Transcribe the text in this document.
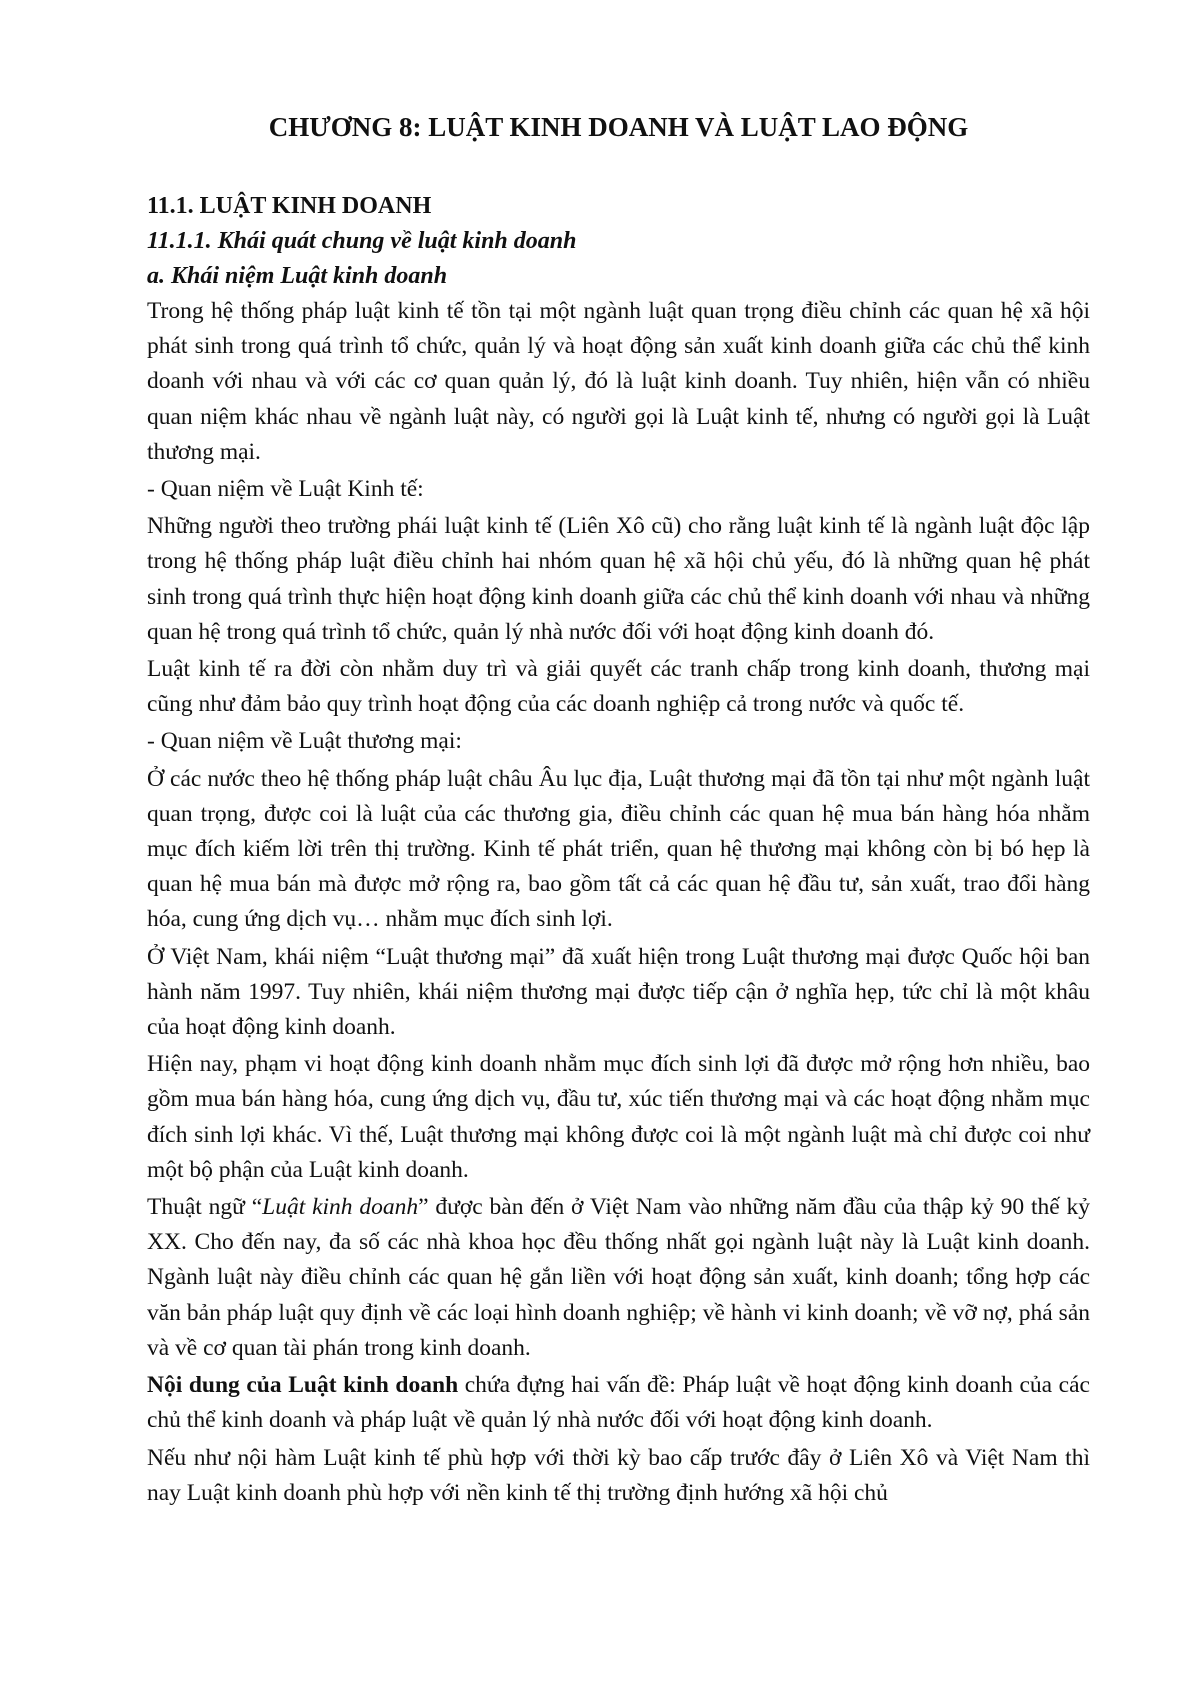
CHƯƠNG 8: LUẬT KINH DOANH VÀ LUẬT LAO ĐỘNG
11.1. LUẬT KINH DOANH
11.1.1. Khái quát chung về luật kinh doanh
a. Khái niệm Luật kinh doanh

Trong hệ thống pháp luật kinh tế tồn tại một ngành luật quan trọng điều chỉnh các quan hệ xã hội phát sinh trong quá trình tổ chức, quản lý và hoạt động sản xuất kinh doanh giữa các chủ thể kinh doanh với nhau và với các cơ quan quản lý, đó là luật kinh doanh. Tuy nhiên, hiện vẫn có nhiều quan niệm khác nhau về ngành luật này, có người gọi là Luật kinh tế, nhưng có người gọi là Luật thương mại.

- Quan niệm về Luật Kinh tế:

Những người theo trường phái luật kinh tế (Liên Xô cũ) cho rằng luật kinh tế là ngành luật độc lập trong hệ thống pháp luật điều chỉnh hai nhóm quan hệ xã hội chủ yếu, đó là những quan hệ phát sinh trong quá trình thực hiện hoạt động kinh doanh giữa các chủ thể kinh doanh với nhau và những quan hệ trong quá trình tổ chức, quản lý nhà nước đối với hoạt động kinh doanh đó.

Luật kinh tế ra đời còn nhằm duy trì và giải quyết các tranh chấp trong kinh doanh, thương mại cũng như đảm bảo quy trình hoạt động của các doanh nghiệp cả trong nước và quốc tế.

- Quan niệm về Luật thương mại:

Ở các nước theo hệ thống pháp luật châu Âu lục địa, Luật thương mại đã tồn tại như một ngành luật quan trọng, được coi là luật của các thương gia, điều chỉnh các quan hệ mua bán hàng hóa nhằm mục đích kiếm lời trên thị trường. Kinh tế phát triển, quan hệ thương mại không còn bị bó hẹp là quan hệ mua bán mà được mở rộng ra, bao gồm tất cả các quan hệ đầu tư, sản xuất, trao đổi hàng hóa, cung ứng dịch vụ… nhằm mục đích sinh lợi.

Ở Việt Nam, khái niệm “Luật thương mại” đã xuất hiện trong Luật thương mại được Quốc hội ban hành năm 1997. Tuy nhiên, khái niệm thương mại được tiếp cận ở nghĩa hẹp, tức chỉ là một khâu của hoạt động kinh doanh.

Hiện nay, phạm vi hoạt động kinh doanh nhằm mục đích sinh lợi đã được mở rộng hơn nhiều, bao gồm mua bán hàng hóa, cung ứng dịch vụ, đầu tư, xúc tiến thương mại và các hoạt động nhằm mục đích sinh lợi khác. Vì thế, Luật thương mại không được coi là một ngành luật mà chỉ được coi như một bộ phận của Luật kinh doanh.

Thuật ngữ “Luật kinh doanh” được bàn đến ở Việt Nam vào những năm đầu của thập kỷ 90 thế kỷ XX. Cho đến nay, đa số các nhà khoa học đều thống nhất gọi ngành luật này là Luật kinh doanh. Ngành luật này điều chỉnh các quan hệ gắn liền với hoạt động sản xuất, kinh doanh; tổng hợp các văn bản pháp luật quy định về các loại hình doanh nghiệp; về hành vi kinh doanh; về vỡ nợ, phá sản và về cơ quan tài phán trong kinh doanh.

Nội dung của Luật kinh doanh chứa đựng hai vấn đề: Pháp luật về hoạt động kinh doanh của các chủ thể kinh doanh và pháp luật về quản lý nhà nước đối với hoạt động kinh doanh.

Nếu như nội hàm Luật kinh tế phù hợp với thời kỳ bao cấp trước đây ở Liên Xô và Việt Nam thì nay Luật kinh doanh phù hợp với nền kinh tế thị trường định hướng xã hội chủ
